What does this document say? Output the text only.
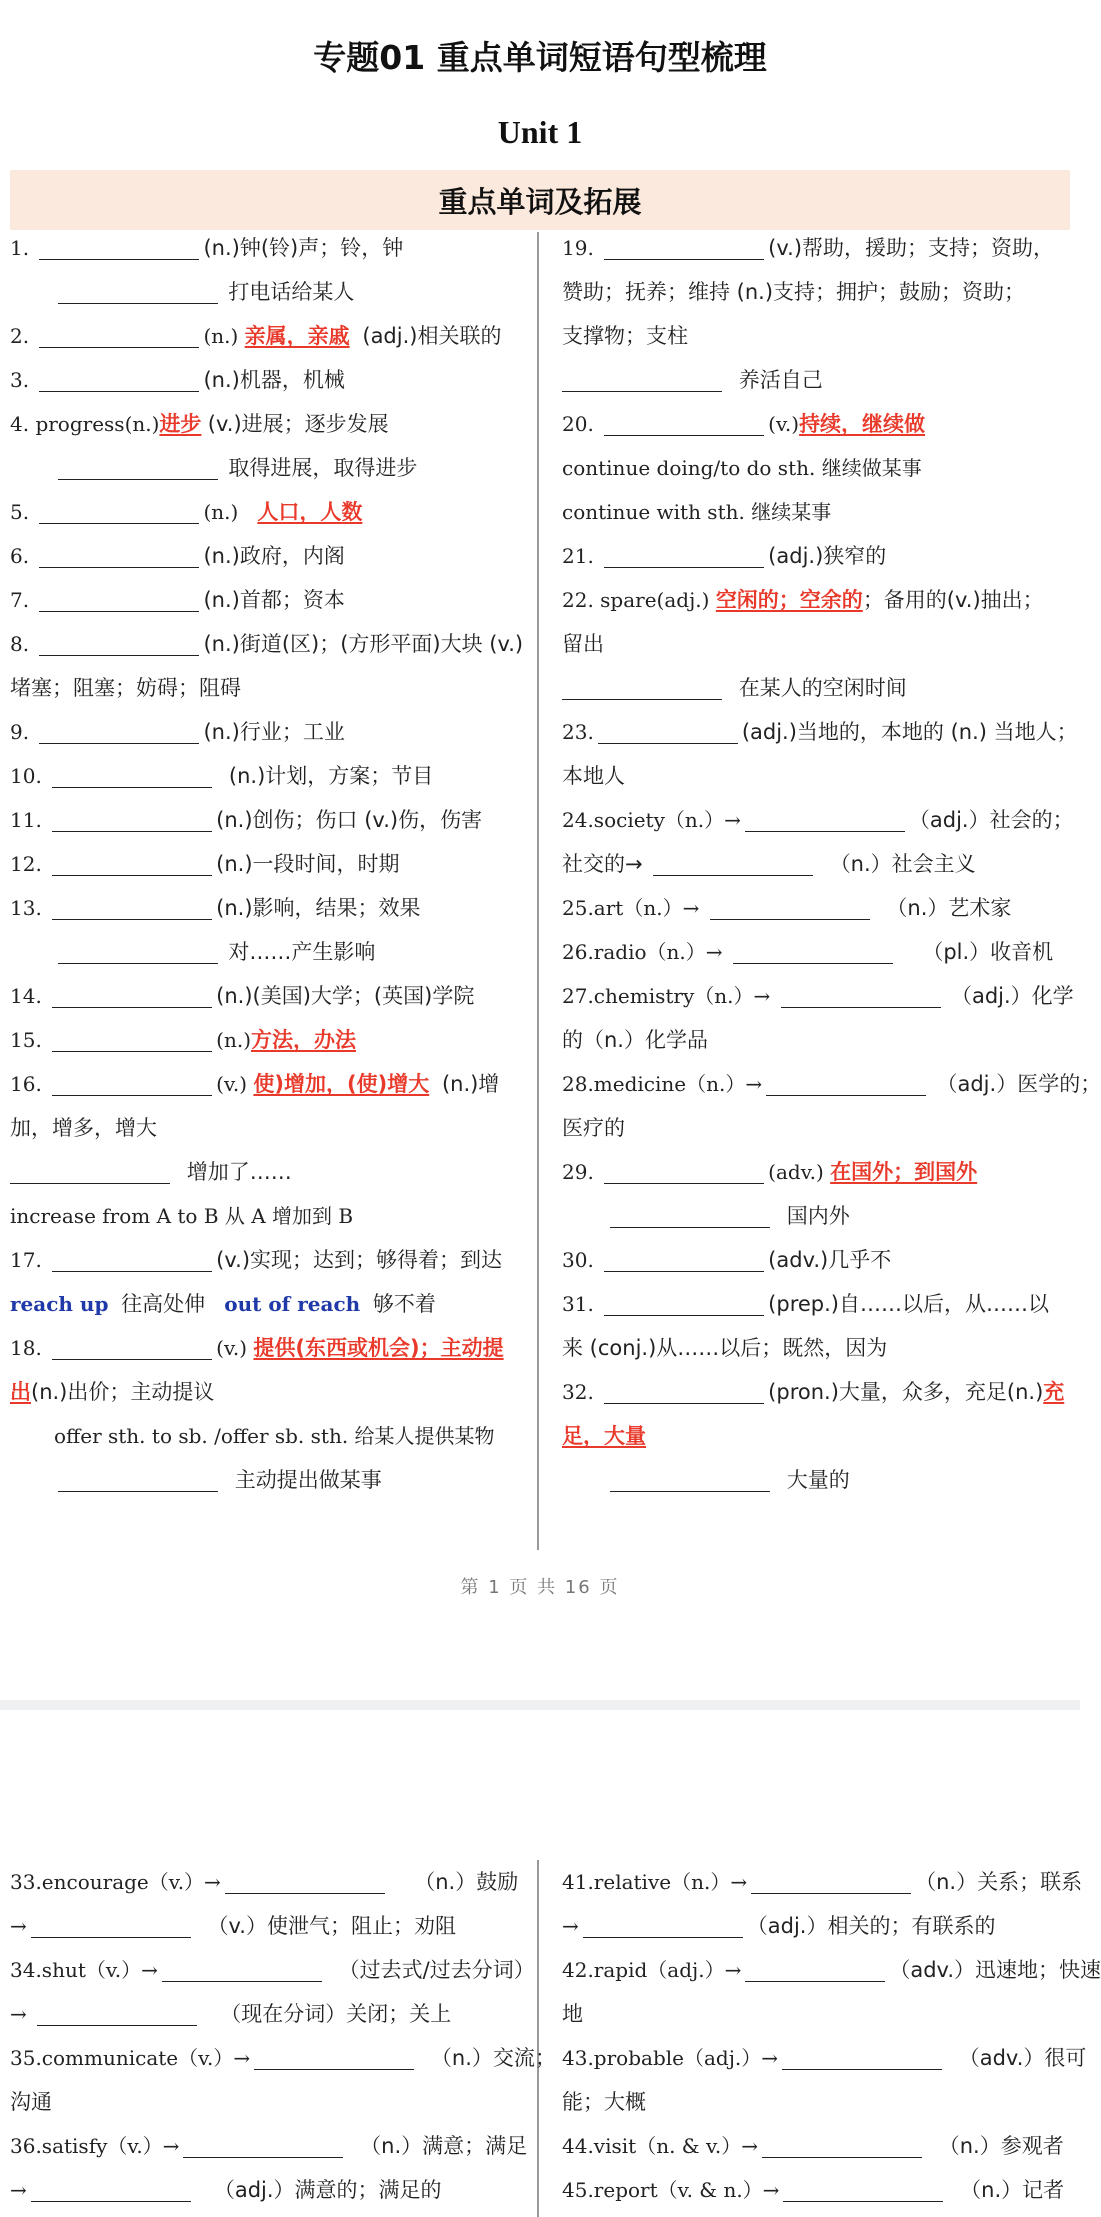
专题01 重点单词短语句型梳理
Unit 1
重点单词及拓展
1.	(n.)钟(铃)声；铃，钟
打电话给某人
2.	(n.) 亲属，亲戚 (adj.)相关联的
3.	(n.)机器，机械
4. progress(n.)进步 (v.)进展；逐步发展
取得进展，取得进步
5.	(n.) 人口，人数
6.	(n.)政府，内阁
7.	(n.)首都；资本
8.	(n.)街道(区)；(方形平面)大块 (v.)
堵塞；阻塞；妨碍；阻碍
9.	(n.)行业；工业
10.	(n.)计划，方案；节目
11.	(n.)创伤；伤口 (v.)伤，伤害
12.	(n.)一段时间，时期
13.	(n.)影响，结果；效果
对……产生影响
14.	(n.)(美国)大学；(英国)学院
15.	(n.)方法，办法
16.	(v.) 使)增加，(使)增大 (n.)增
加，增多，增大
增加了……
increase from A to B 从 A 增加到 B
17.	(v.)实现；达到；够得着；到达
reach up 往高处伸 out of reach 够不着
18.	(v.) 提供(东西或机会)；主动提
出(n.)出价；主动提议
offer sth. to sb. /offer sb. sth. 给某人提供某物
主动提出做某事
19.	(v.)帮助，援助；支持；资助，
赞助；抚养；维持 (n.)支持；拥护；鼓励；资助；
支撑物；支柱
养活自己
20.	(v.)持续，继续做
continue doing/to do sth. 继续做某事
continue with sth. 继续某事
21.	(adj.)狭窄的
22. spare(adj.) 空闲的；空余的；备用的(v.)抽出；
留出
在某人的空闲时间
23.	(adj.)当地的，本地的 (n.) 当地人；
本地人
24.society（n.）→	（adj.）社会的；
社交的→	（n.）社会主义
25.art（n.）→	（n.）艺术家
26.radio（n.）→	（pl.）收音机
27.chemistry（n.）→	（adj.）化学
的（n.）化学品
28.medicine（n.）→	（adj.）医学的；
医疗的
29.	(adv.) 在国外；到国外
国内外
30.	(adv.)几乎不
31.	(prep.)自……以后，从……以
来 (conj.)从……以后；既然，因为
32.	(pron.)大量，众多，充足(n.)充
足，大量
大量的
第 1 页 共 16 页
33.encourage（v.）→	（n.）鼓励
→	（v.）使泄气；阻止；劝阻
34.shut（v.）→	（过去式/过去分词）
→	（现在分词）关闭；关上
35.communicate（v.）→	（n.）交流；
沟通
36.satisfy（v.）→	（n.）满意；满足
→	（adj.）满意的；满足的
41.relative（n.）→	（n.）关系；联系
→	（adj.）相关的；有联系的
42.rapid（adj.）→	（adv.）迅速地；快速
地
43.probable（adj.）→	（adv.）很可
能；大概
44.visit（n. & v.）→	（n.）参观者
45.report（v. & n.）→	（n.）记者
